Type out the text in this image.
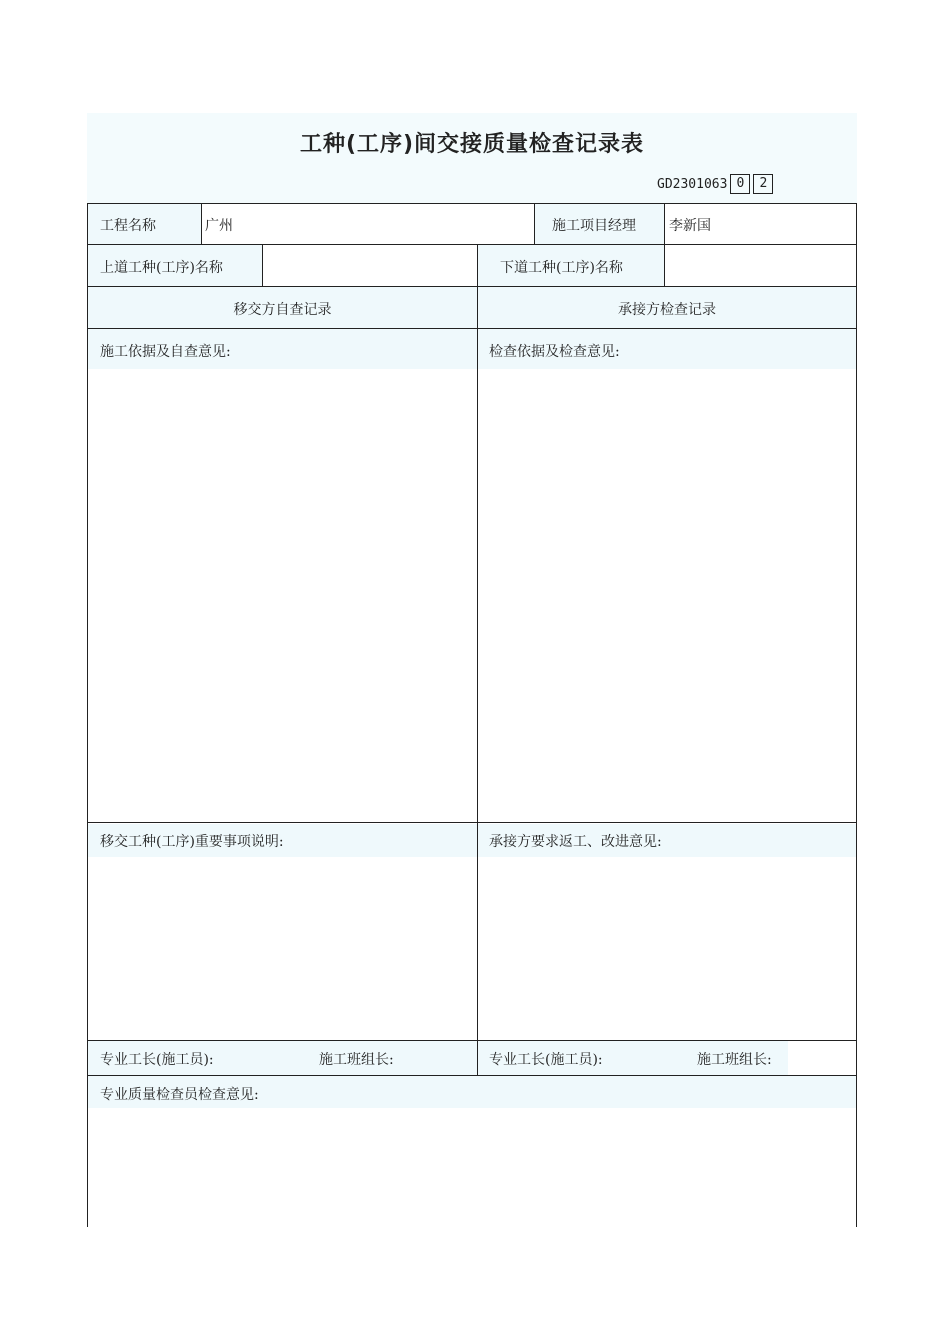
工种(工序)间交接质量检查记录表
GD2301063 0	2
工程名称	广州	施工项目经理 李新国
上道工种(工序)名称	下道工种(工序)名称
移交方自查记录	承接方检查记录
施工依据及自查意见:	检查依据及检查意见:
移交工种(工序)重要事项说明:	承接方要求返工、改进意见:
专业工长(施工员):	施工班组长:	专业工长(施工员):	施工班组长:
专业质量检查员检查意见:
